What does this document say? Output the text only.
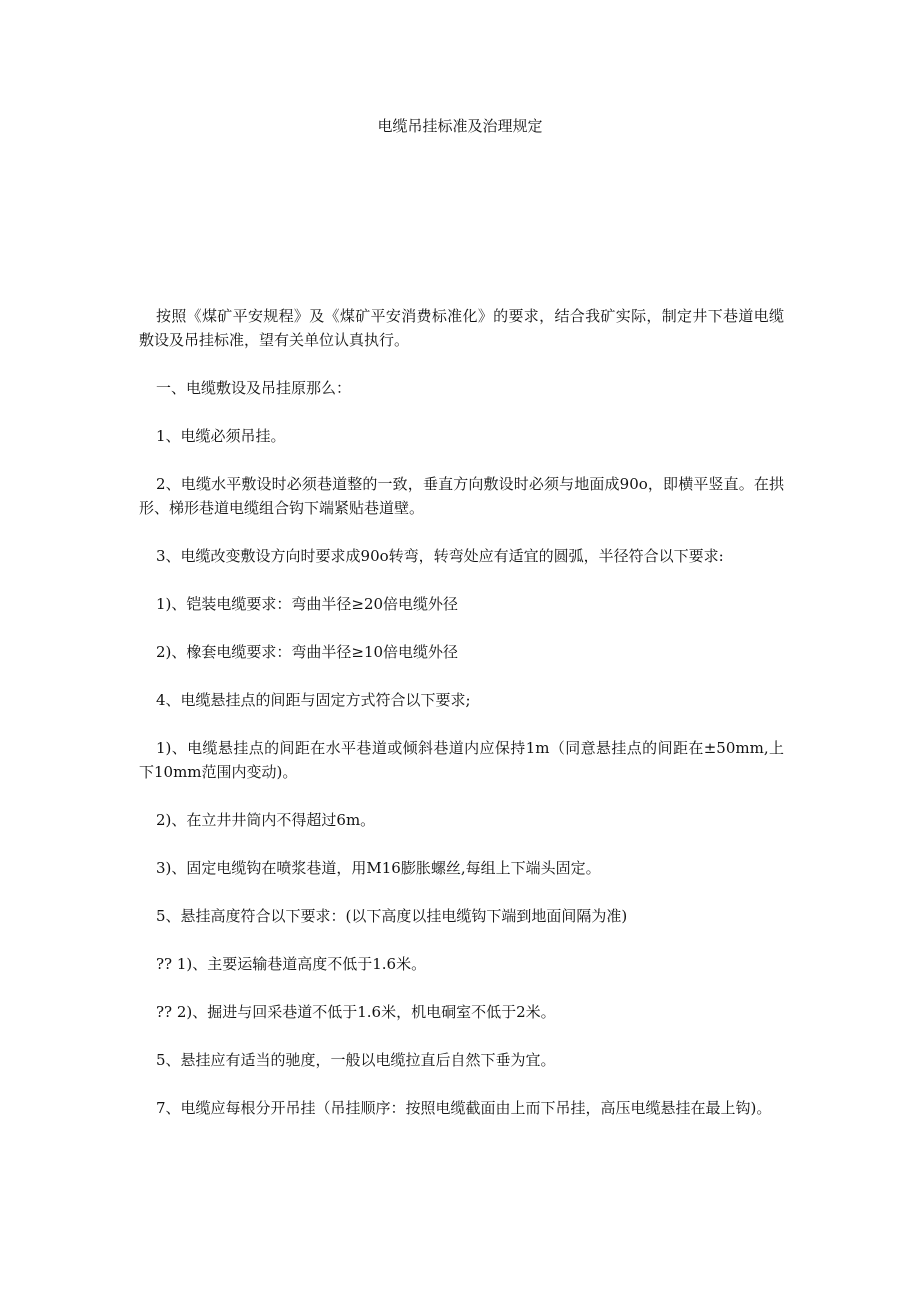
电缆吊挂标准及治理规定

按照《煤矿平安规程》及《煤矿平安消费标准化》的要求，结合我矿实际，制定井下巷道电缆敷设及吊挂标准，望有关单位认真执行。

一、电缆敷设及吊挂原那么：

1、电缆必须吊挂。

2、电缆水平敷设时必须巷道整的一致，垂直方向敷设时必须与地面成90o，即横平竖直。在拱形、梯形巷道电缆组合钩下端紧贴巷道壁。

3、电缆改变敷设方向时要求成90o转弯，转弯处应有适宜的圆弧，半径符合以下要求:

1)、铠装电缆要求：弯曲半径≥20倍电缆外径

2)、橡套电缆要求：弯曲半径≥10倍电缆外径

4、电缆悬挂点的间距与固定方式符合以下要求;

1)、电缆悬挂点的间距在水平巷道或倾斜巷道内应保持1m（同意悬挂点的间距在±50mm,上下10mm范围内变动)。

2)、在立井井筒内不得超过6m。

3)、固定电缆钩在喷浆巷道，用M16膨胀螺丝,每组上下端头固定。

5、悬挂高度符合以下要求：(以下高度以挂电缆钩下端到地面间隔为准)

?? 1)、主要运输巷道高度不低于1.6米。

?? 2)、掘进与回采巷道不低于1.6米，机电硐室不低于2米。

5、悬挂应有适当的驰度，一般以电缆拉直后自然下垂为宜。

7、电缆应每根分开吊挂（吊挂顺序：按照电缆截面由上而下吊挂，高压电缆悬挂在最上钩)。
